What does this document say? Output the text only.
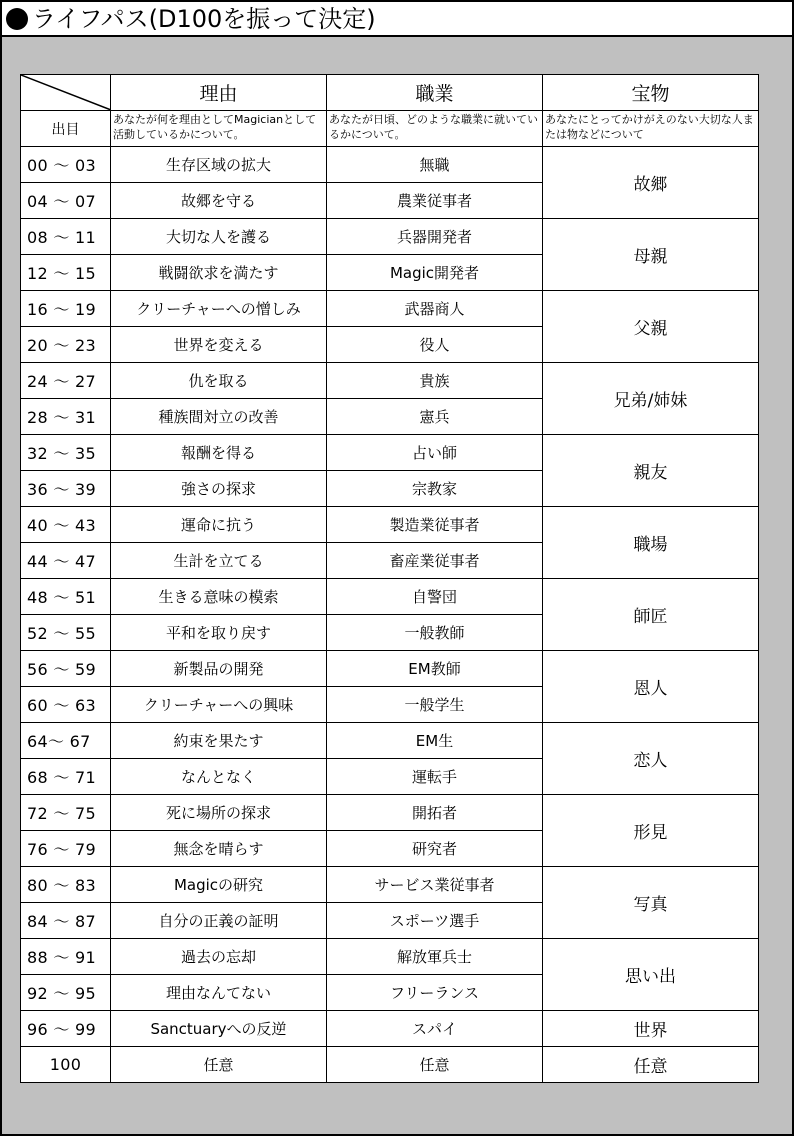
ライフパス(D100を振って決定)
	理由	職業	宝物
出目	あなたが何を理由としてMagicianとして活動しているかについて。	あなたが日頃、どのような職業に就いているかについて。	あなたにとってかけがえのない大切な人または物などについて
00 ～ 03	生存区域の拡大	無職	故郷
04 ～ 07	故郷を守る	農業従事者	
08 ～ 11	大切な人を護る	兵器開発者	母親
12 ～ 15	戦闘欲求を満たす	Magic開発者	
16 ～ 19	クリーチャーへの憎しみ	武器商人	父親
20 ～ 23	世界を変える	役人	
24 ～ 27	仇を取る	貴族	兄弟/姉妹
28 ～ 31	種族間対立の改善	憲兵	
32 ～ 35	報酬を得る	占い師	親友
36 ～ 39	強さの探求	宗教家	
40 ～ 43	運命に抗う	製造業従事者	職場
44 ～ 47	生計を立てる	畜産業従事者	
48 ～ 51	生きる意味の模索	自警団	師匠
52 ～ 55	平和を取り戻す	一般教師	
56 ～ 59	新製品の開発	EM教師	恩人
60 ～ 63	クリーチャーへの興味	一般学生	
64～ 67	約束を果たす	EM生	恋人
68 ～ 71	なんとなく	運転手	
72 ～ 75	死に場所の探求	開拓者	形見
76 ～ 79	無念を晴らす	研究者	
80 ～ 83	Magicの研究	サービス業従事者	写真
84 ～ 87	自分の正義の証明	スポーツ選手	
88 ～ 91	過去の忘却	解放軍兵士	思い出
92 ～ 95	理由なんてない	フリーランス	
96 ～ 99	Sanctuaryへの反逆	スパイ	世界
100	任意	任意	任意
